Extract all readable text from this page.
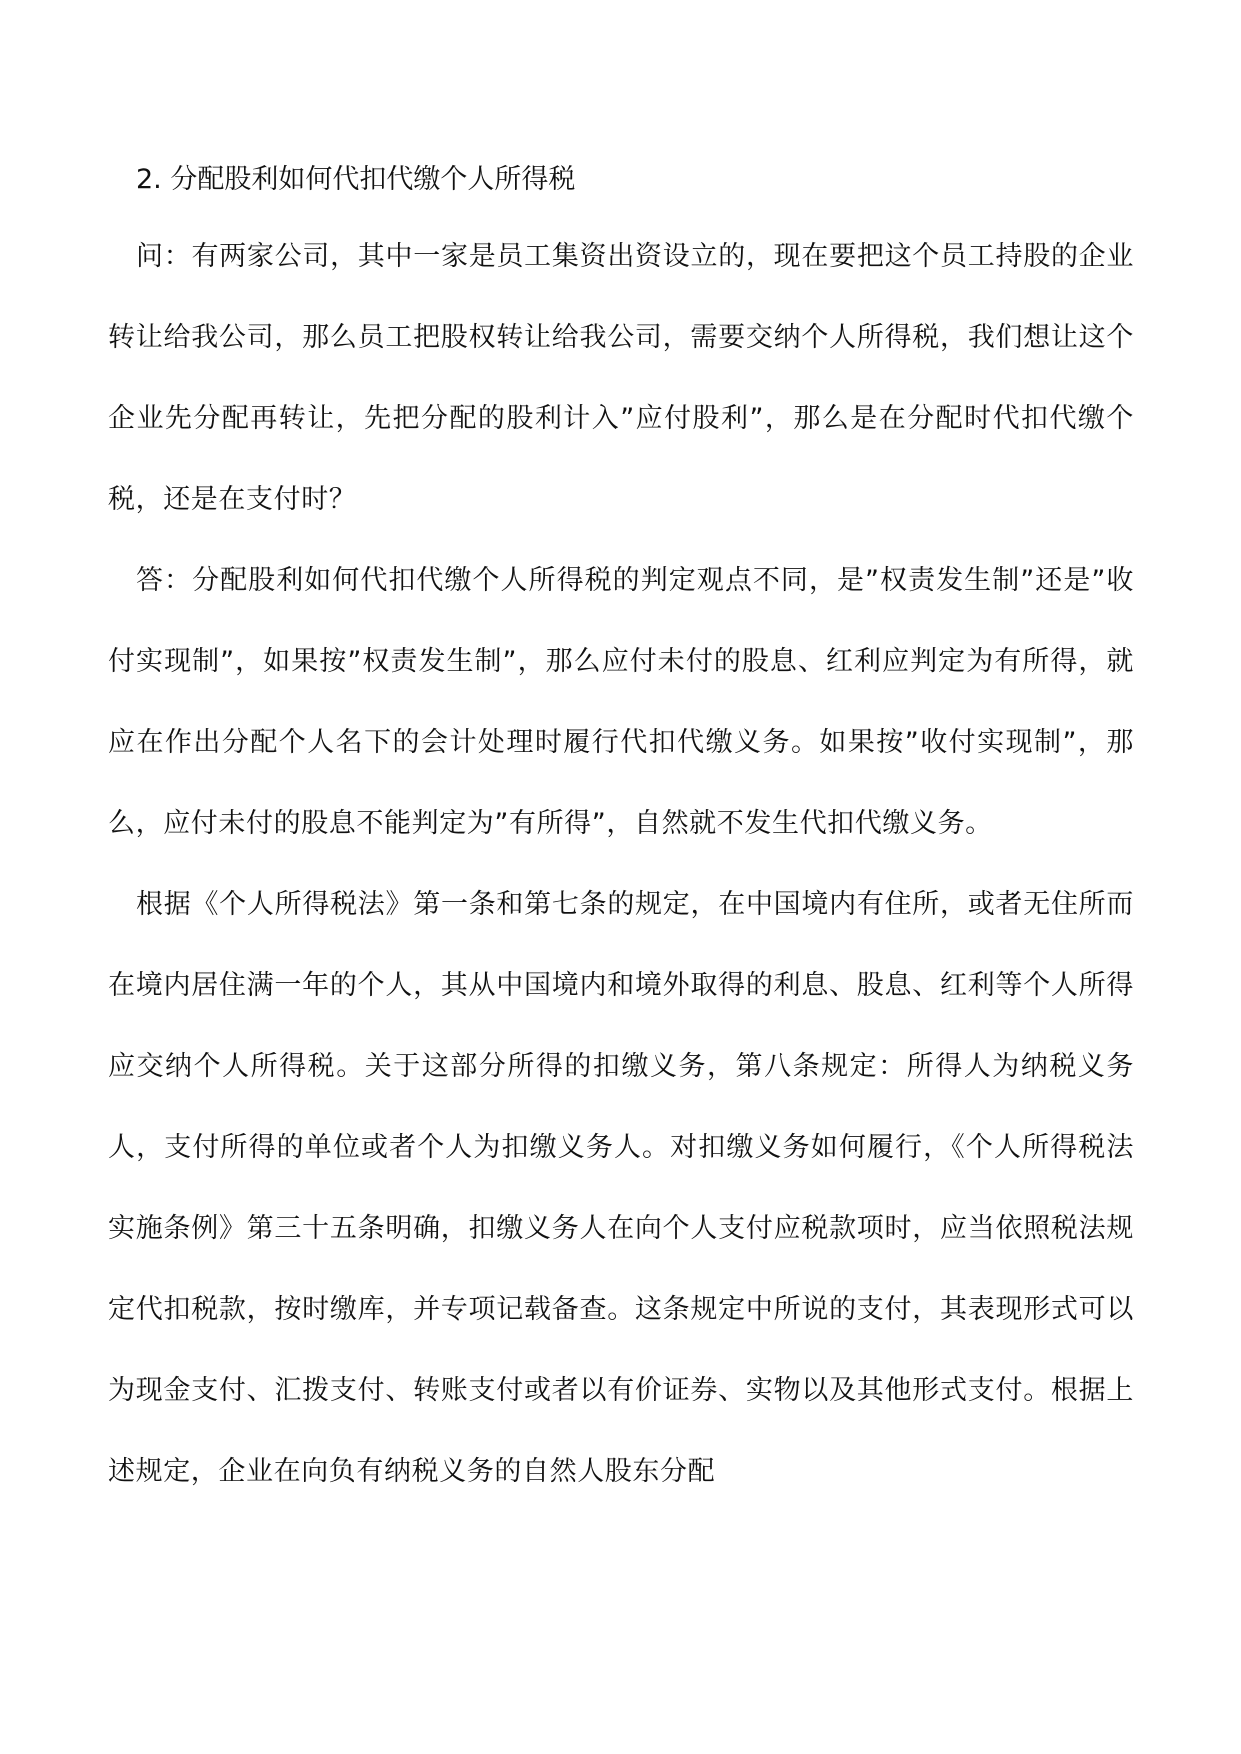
2. 分配股利如何代扣代缴个人所得税

问：有两家公司，其中一家是员工集资出资设立的，现在要把这个员工持股的企业转让给我公司，那么员工把股权转让给我公司，需要交纳个人所得税，我们想让这个企业先分配再转让，先把分配的股利计入”应付股利”，那么是在分配时代扣代缴个税，还是在支付时？

答：分配股利如何代扣代缴个人所得税的判定观点不同，是”权责发生制”还是”收付实现制”，如果按”权责发生制”，那么应付未付的股息、红利应判定为有所得，就应在作出分配个人名下的会计处理时履行代扣代缴义务。如果按”收付实现制”，那么，应付未付的股息不能判定为”有所得”，自然就不发生代扣代缴义务。

根据《个人所得税法》第一条和第七条的规定，在中国境内有住所，或者无住所而在境内居住满一年的个人，其从中国境内和境外取得的利息、股息、红利等个人所得应交纳个人所得税。关于这部分所得的扣缴义务，第八条规定：所得人为纳税义务人，支付所得的单位或者个人为扣缴义务人。对扣缴义务如何履行，《个人所得税法实施条例》第三十五条明确，扣缴义务人在向个人支付应税款项时，应当依照税法规定代扣税款，按时缴库，并专项记载备查。这条规定中所说的支付，其表现形式可以为现金支付、汇拨支付、转账支付或者以有价证券、实物以及其他形式支付。根据上述规定，企业在向负有纳税义务的自然人股东分配
